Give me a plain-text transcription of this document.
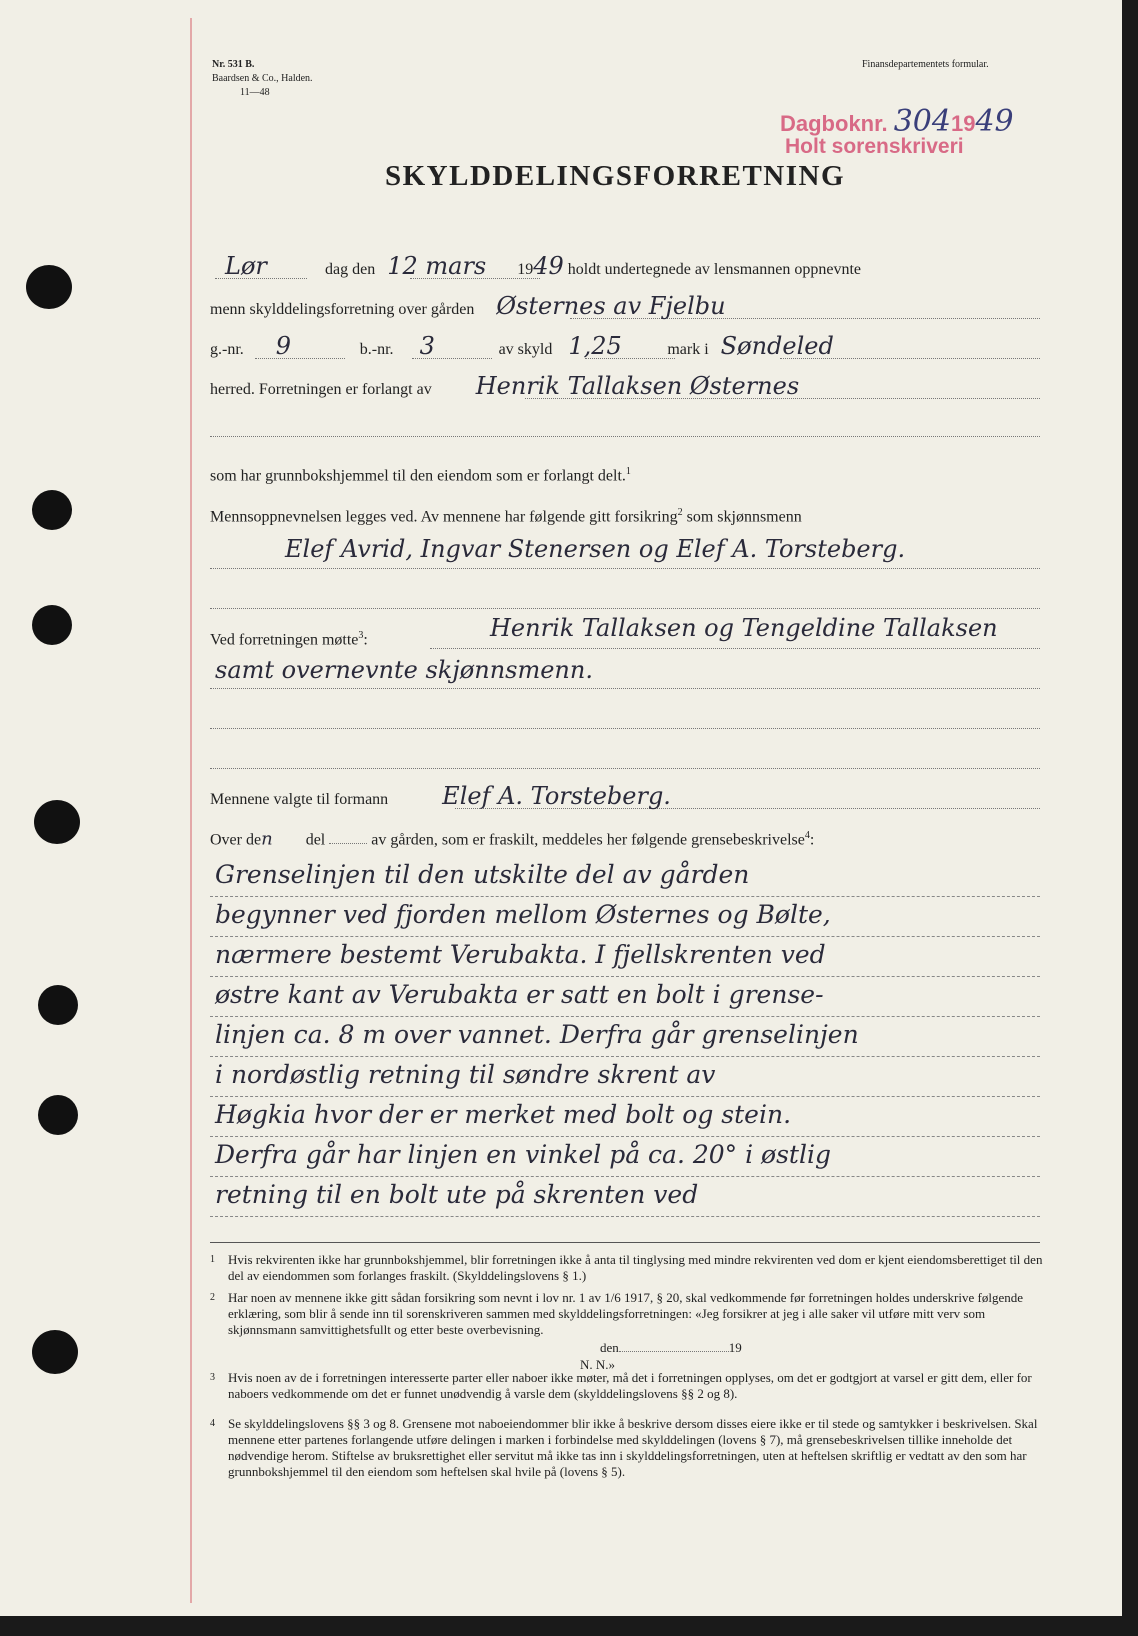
Nr. 531 B.
Baardsen & Co., Halden.
11—48
Finansdepartementets formular.
Dagboknr. 3041949
Holt sorenskriveri
SKYLDDELINGSFORRETNING
Lør	dag den 12 mars 1949 holdt undertegnede av lensmannen oppnevnte
menn skylddelingsforretning over gården Østernes av Fjelbu
g.-nr. 9	b.-nr. 3	av skyld 1,25	mark i Søndeled
herred. Forretningen er forlangt av Henrik Tallaksen Østernes
som har grunnbokshjemmel til den eiendom som er forlangt delt.$^1$
Mennsoppnevnelsen legges ved. Av mennene har følgende gitt forsikring$^2$ som skjønnsmenn
Elef Avrid, Ingvar Stenersen og Elef A. Torsteberg.
Ved forretningen møtte$^3$:	Henrik Tallaksen og Tengeldine Tallaksen
samt overnevnte skjønnsmenn.
Mennene valgte til formann Elef A. Torsteberg.
Over den del	av gården, som er fraskilt, meddeles her følgende grensebeskrivelse$^4$:
Grenselinjen til den utskilte del av gården
begynner ved fjorden mellom Østernes og Bølte,
nærmere bestemt Verubakta. I fjellskrenten ved
østre kant av Verubakta er satt en bolt i grense-
linjen ca. 8 m over vannet. Derfra går grenselinjen
i nordøstlig retning til søndre skrent av
Høgkia hvor der er merket med bolt og stein.
Derfra går har linjen en vinkel på ca. 20° i østlig
retning til en bolt ute på skrenten ved
1 Hvis rekvirenten ikke har grunnbokshjemmel, blir forretningen ikke å anta til tinglysing med mindre rekvirenten ved dom er kjent eiendomsberettiget til den del av eiendommen som forlanges fraskilt. (Skylddelingslovens § 1.)
2 Har noen av mennene ikke gitt sådan forsikring som nevnt i lov nr. 1 av 1/6 1917, § 20, skal vedkommende før forretningen holdes underskrive følgende erklæring, som blir å sende inn til sorenskriveren sammen med skylddelingsforretningen: «Jeg forsikrer at jeg i alle saker vil utføre mitt verv som skjønnsmann samvittighetsfullt og etter beste overbevisning.
3 Hvis noen av de i forretningen interesserte parter eller naboer ikke møter, må det i forretningen opplyses, om det er godtgjort at varsel er gitt dem, eller for naboers vedkommende om det er funnet unødvendig å varsle dem (skylddelingslovens §§ 2 og 8).
4 Se skylddelingslovens §§ 3 og 8. Grensene mot naboeiendommer blir ikke å beskrive dersom disses eiere ikke er til stede og samtykker i beskrivelsen. Skal mennene etter partenes forlangende utføre delingen i marken i forbindelse med skylddelingen (lovens § 7), må grensebeskrivelsen tillike inneholde det nødvendige herom. Stiftelse av bruksrettighet eller servitut må ikke tas inn i skylddelingsforretningen, uten at heftelsen skriftlig er vedtatt av den som har grunnbokshjemmel til den eiendom som heftelsen skal hvile på (lovens § 5).
den	19
N. N.»
